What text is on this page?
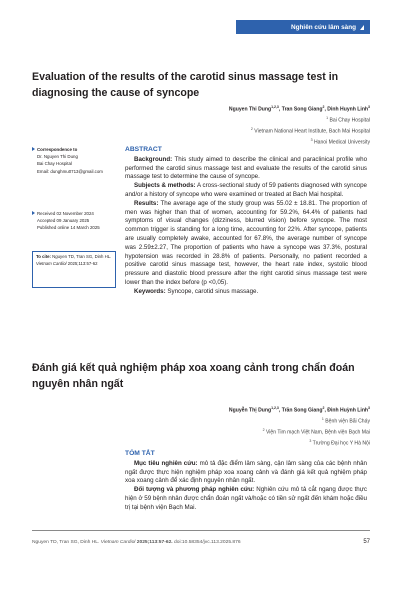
Nghiên cứu lâm sàng
Evaluation of the results of the carotid sinus massage test in diagnosing the cause of syncope
Nguyen Thi Dung$^{1,2,3}$, Tran Song Giang$^2$, Dinh Huynh Linh$^3$
$^1$ Bai Chay Hospital
$^2$ Vietnam National Heart Institute, Bach Mai Hospital
$^3$ Hanoi Medical University
Correspondence to
Dr. Nguyen Thi Dung
Bai Chay Hospital
Email: dunghmu0713@gmail.com
Received 02 November 2024
Accepted 09 January 2025
Published online 14 March 2025
To cite: Nguyen TD, Tran SG, Dinh HL. Vietnam Cardiol 2025;113:57-62
ABSTRACT

Background: This study aimed to describe the clinical and paraclinical profile who performed the carotid sinus massage test and evaluate the results of the carotid sinus massage test to determine the cause of syncope.

Subjects & methods: A cross-sectional study of 59 patients diagnosed with syncope and/or a history of syncope who were examined or treated at Bach Mai hospital.

Results: The average age of the study group was 55.02 ± 18.81. The proportion of men was higher than that of women, accounting for 59.2%, 64.4% of patients had symptoms of visual changes (dizziness, blurred vision) before syncope. The most common trigger is standing for a long time, accounting for 22%. After syncope, patients are usually completely awake, accounted for 67.8%, the average number of syncope was 2.59±2.27, The proportion of patients who have a syncope was 37.3%, postural hypotension was recorded in 28.8% of patients. Personally, no patient recorded a positive carotid sinus massage test, however, the heart rate index, systolic blood pressure and diastolic blood pressure after the right carotid sinus massage test were lower than the index before (p <0,05).

Keywords: Syncope, carotid sinus massage.

Đánh giá kết quả nghiệm pháp xoa xoang cảnh trong chẩn đoán nguyên nhân ngất
Nguyễn Thị Dung$^{1,2,3}$, Trần Song Giang$^2$, Đinh Huỳnh Linh$^3$
$^1$ Bệnh viện Bãi Cháy
$^2$ Viện Tim mạch Việt Nam, Bệnh viện Bạch Mai
$^3$ Trường Đại học Y Hà Nội
TÓM TẮT

Mục tiêu nghiên cứu: mô tả đặc điểm lâm sàng, cận lâm sàng của các bệnh nhân ngất được thực hiện nghiệm pháp xoa xoang cảnh và đánh giá kết quả nghiệm pháp xoa xoang cảnh để xác định nguyên nhân ngất.

Đối tượng và phương pháp nghiên cứu: Nghiên cứu mô tả cắt ngang được thực hiện ở 59 bệnh nhân được chẩn đoán ngất và/hoặc có tiền sử ngất đến khám hoặc điều trị tại bệnh viện Bạch Mai.

Nguyen TD, Tran SG, Dinh HL. Vietnam Cardiol 2025;113:57-62. doi:10.58354/jvc.113.2025.876	57
